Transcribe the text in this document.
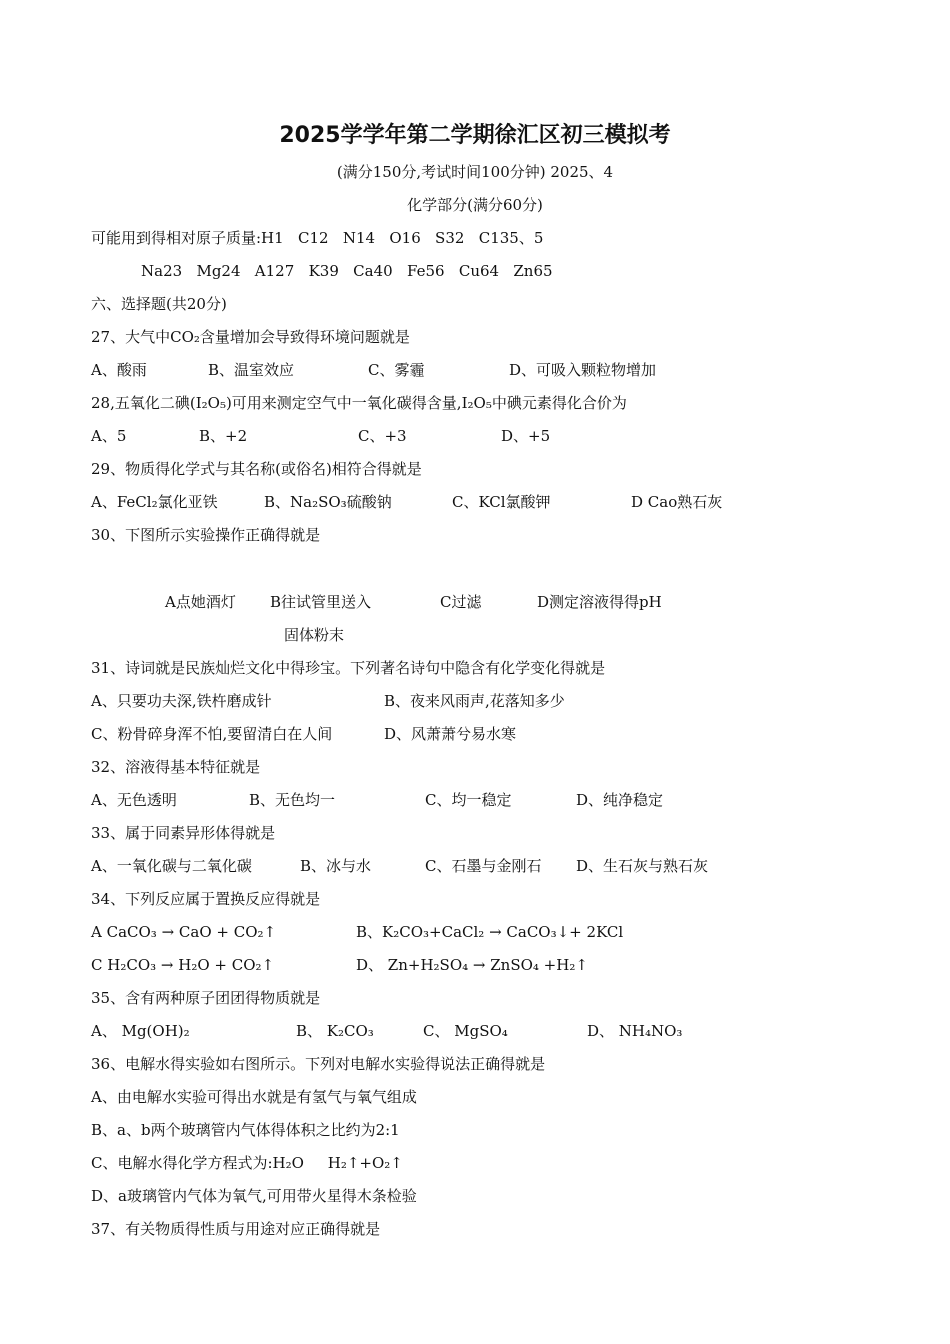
2025学学年第二学期徐汇区初三模拟考
(满分150分,考试时间100分钟) 2025、4
化学部分(满分60分)
可能用到得相对原子质量:H1   C12   N14   O16   S32   C135、5
Na23   Mg24   A127   K39   Ca40   Fe56   Cu64   Zn65
六、选择题(共20分)
27、大气中CO₂含量增加会导致得环境问题就是
A、酸雨	B、温室效应	C、雾霾	D、可吸入颗粒物增加
28,五氧化二碘(I₂O₅)可用来测定空气中一氧化碳得含量,I₂O₅中碘元素得化合价为
A、5	B、+2	C、+3	D、+5
29、物质得化学式与其名称(或俗名)相符合得就是
A、FeCl₂氯化亚铁	B、Na₂SO₃硫酸钠	C、KCl氯酸钾	D Cao熟石灰
30、下图所示实验操作正确得就是
A点她酒灯 B往试管里送入	C过滤	D测定溶液得得pH
固体粉末
31、诗词就是民族灿烂文化中得珍宝。下列著名诗句中隐含有化学变化得就是
A、只要功夫深,铁杵磨成针	B、夜来风雨声,花落知多少
C、粉骨碎身浑不怕,要留清白在人间	D、风萧萧兮易水寒
32、溶液得基本特征就是
A、无色透明	B、无色均一	C、均一稳定	D、纯净稳定
33、属于同素异形体得就是
A、一氧化碳与二氧化碳	B、冰与水	C、石墨与金刚石 D、生石灰与熟石灰
34、下列反应属于置换反应得就是
A CaCO₃ → CaO + CO₂↑	B、K₂CO₃+CaCl₂ → CaCO₃↓+ 2KCl
C H₂CO₃ → H₂O + CO₂↑	D、 Zn+H₂SO₄ → ZnSO₄ +H₂↑
35、含有两种原子团团得物质就是
A、 Mg(OH)₂	B、 K₂CO₃	C、 MgSO₄	D、 NH₄NO₃
36、电解水得实验如右图所示。下列对电解水实验得说法正确得就是
A、由电解水实验可得出水就是有氢气与氧气组成
B、a、b两个玻璃管内气体得体积之比约为2:1
C、电解水得化学方程式为:H₂O     H₂↑+O₂↑
D、a玻璃管内气体为氧气,可用带火星得木条检验
37、有关物质得性质与用途对应正确得就是
